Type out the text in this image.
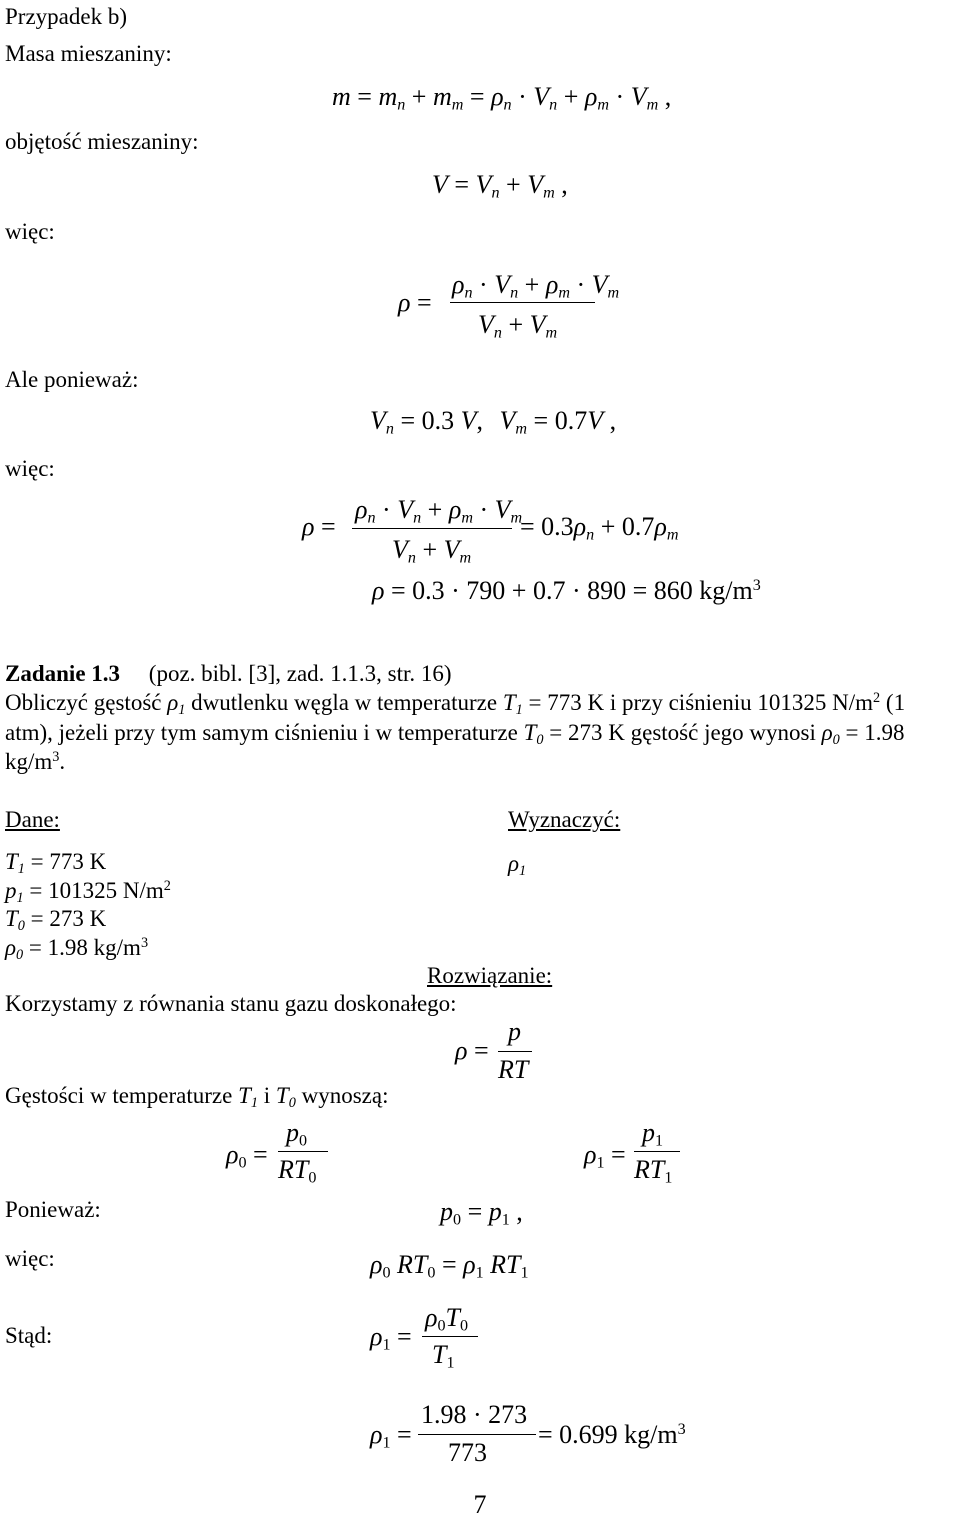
Przypadek b)
Masa mieszaniny:
$m = m_n + m_m = \rho_n \cdot V_n + \rho_m \cdot V_m$ ,
objętość mieszaniny:
$V = V_n + V_m$ ,
więc:
ρ =
$\rho_n \cdot V_n + \rho_m \cdot V_m$
$V_n + V_m$
Ale ponieważ:
$V_n = 0.3$ V, $V_m = 0.7V$ ,
więc:
ρ =
$\rho_n \cdot V_n + \rho_m \cdot V_m$
$V_n + V_m$
= $0.3\rho_n + 0.7\rho_m$
ρ = 0.3 · 790 + 0.7 · 890 = 860 $kg/m^3$
Zadanie 1.3 (poz. bibl. [3], zad. 1.1.3, str. 16)
Obliczyć gęstość $\rho_1$ dwutlenku węgla w temperaturze $T_1 = 773$ K i przy ciśnieniu 101325 $N/m^2$ (1
atm), jeżeli przy tym samym ciśnieniu i w temperaturze $T_0 = 273$ K gęstość jego wynosi $\rho_0 = 1.98$
$kg/m^3$.
Dane:	Wyznaczyć:
$T_1 = 773$ K
$p_1 = 101325$ $N/m^2$
$T_0 = 273$ K
$\rho_0 = 1.98$ $kg/m^3$
$\rho_1$
Rozwiązanie:
Korzystamy z równania stanu gazu doskonałego:
ρ =
p
RT
Gęstości w temperaturze $T_1$ i $T_0$ wynoszą:
$\rho_0$ =
$p_0$
$RT_0$
$\rho_1$ =
$p_1$
$RT_1$
Ponieważ:	$p_0 = p_1$ ,
więc:	$\rho_0$ $RT_0 = \rho_1$ $RT_1$
Stąd:	$\rho_1$ =
$\rho_0T_0$
$T_1$
$\rho_1$ =
1.98 · 273
773
= 0.699 $kg/m^3$
7
